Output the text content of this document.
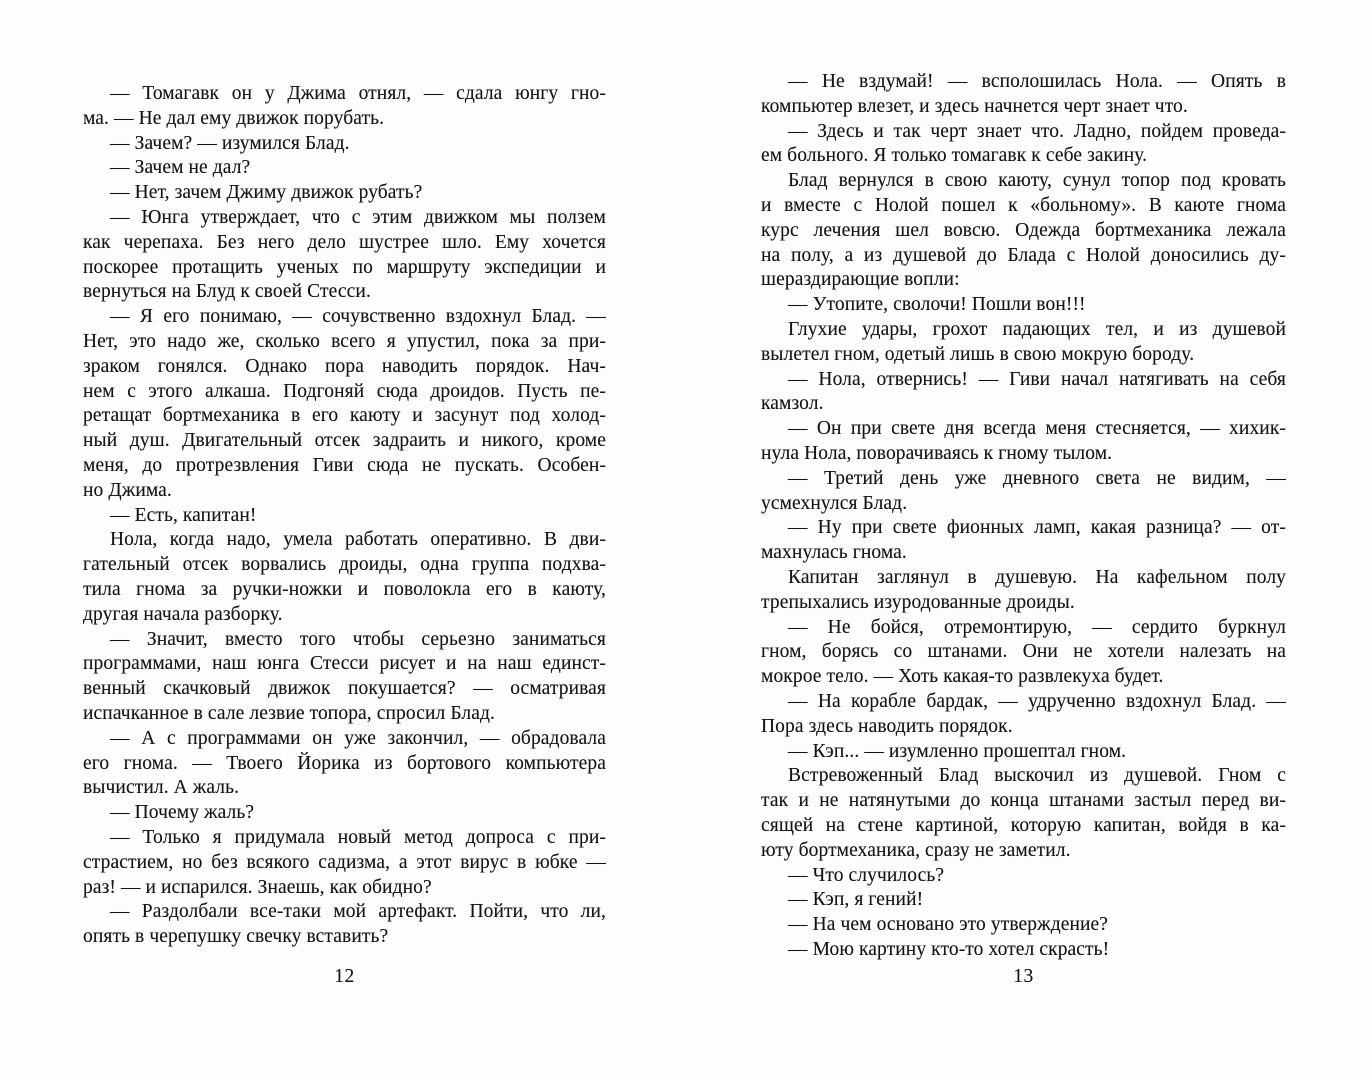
— Томагавк он у Джима отнял, — сдала юнгу гно-
ма. — Не дал ему движок порубать.
— Зачем? — изумился Блад.
— Зачем не дал?
— Нет, зачем Джиму движок рубать?
— Юнга утверждает, что с этим движком мы ползем
как черепаха. Без него дело шустрее шло. Ему хочется
поскорее протащить ученых по маршруту экспедиции и
вернуться на Блуд к своей Стесси.
— Я его понимаю, — сочувственно вздохнул Блад. —
Нет, это надо же, сколько всего я упустил, пока за при-
зраком гонялся. Однако пора наводить порядок. Нач-
нем с этого алкаша. Подгоняй сюда дроидов. Пусть пе-
ретащат бортмеханика в его каюту и засунут под холод-
ный душ. Двигательный отсек задраить и никого, кроме
меня, до протрезвления Гиви сюда не пускать. Особен-
но Джима.
— Есть, капитан!
Нола, когда надо, умела работать оперативно. В дви-
гательный отсек ворвались дроиды, одна группа подхва-
тила гнома за ручки-ножки и поволокла его в каюту,
другая начала разборку.
— Значит, вместо того чтобы серьезно заниматься
программами, наш юнга Стесси рисует и на наш единст-
венный скачковый движок покушается? — осматривая
испачканное в сале лезвие топора, спросил Блад.
— А с программами он уже закончил, — обрадовала
его гнома. — Твоего Йорика из бортового компьютера
вычистил. А жаль.
— Почему жаль?
— Только я придумала новый метод допроса с при-
страстием, но без всякого садизма, а этот вирус в юбке —
раз! — и испарился. Знаешь, как обидно?
— Раздолбали все-таки мой артефакт. Пойти, что ли,
опять в черепушку свечку вставить?
— Не вздумай! — всполошилась Нола. — Опять в
компьютер влезет, и здесь начнется черт знает что.
— Здесь и так черт знает что. Ладно, пойдем проведа-
ем больного. Я только томагавк к себе закину.
Блад вернулся в свою каюту, сунул топор под кровать
и вместе с Нолой пошел к «больному». В каюте гнома
курс лечения шел вовсю. Одежда бортмеханика лежала
на полу, а из душевой до Блада с Нолой доносились ду-
шераздирающие вопли:
— Утопите, сволочи! Пошли вон!!!
Глухие удары, грохот падающих тел, и из душевой
вылетел гном, одетый лишь в свою мокрую бороду.
— Нола, отвернись! — Гиви начал натягивать на себя
камзол.
— Он при свете дня всегда меня стесняется, — хихик-
нула Нола, поворачиваясь к гному тылом.
— Третий день уже дневного света не видим, —
усмехнулся Блад.
— Ну при свете фионных ламп, какая разница? — от-
махнулась гнома.
Капитан заглянул в душевую. На кафельном полу
трепыхались изуродованные дроиды.
— Не бойся, отремонтирую, — сердито буркнул
гном, борясь со штанами. Они не хотели налезать на
мокрое тело. — Хоть какая-то развлекуха будет.
— На корабле бардак, — удрученно вздохнул Блад. —
Пора здесь наводить порядок.
— Кэп... — изумленно прошептал гном.
Встревоженный Блад выскочил из душевой. Гном с
так и не натянутыми до конца штанами застыл перед ви-
сящей на стене картиной, которую капитан, войдя в ка-
юту бортмеханика, сразу не заметил.
— Что случилось?
— Кэп, я гений!
— На чем основано это утверждение?
— Мою картину кто-то хотел скрасть!
12	13
